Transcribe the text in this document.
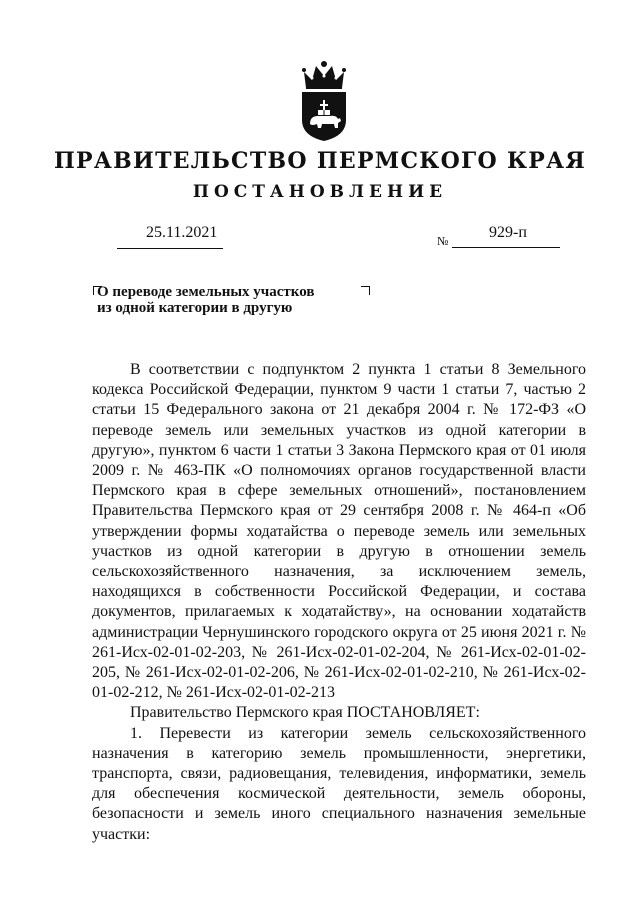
ПРАВИТЕЛЬСТВО ПЕРМСКОГО КРАЯ
ПОСТАНОВЛЕНИЕ
25.11.2021	№	929-п
О переводе земельных участков
из одной категории в другую

В соответствии с подпунктом 2 пункта 1 статьи 8 Земельного кодекса Российской Федерации, пунктом 9 части 1 статьи 7, частью 2 статьи 15 Федерального закона от 21 декабря 2004 г. № 172-ФЗ «О переводе земель или земельных участков из одной категории в другую», пунктом 6 части 1 статьи 3 Закона Пермского края от 01 июля 2009 г. № 463-ПК «О полномочиях органов государственной власти Пермского края в сфере земельных отношений», постановлением Правительства Пермского края от 29 сентября 2008 г. № 464-п «Об утверждении формы ходатайства о переводе земель или земельных участков из одной категории в другую в отношении земель сельскохозяйственного назначения, за исключением земель, находящихся в собственности Российской Федерации, и состава документов, прилагаемых к ходатайству», на основании ходатайств администрации Чернушинского городского округа от 25 июня 2021 г. № 261-Исх-02-01-02-203, № 261-Исх-02-01-02-204, № 261-Исх-02-01-02-205, № 261-Исх-02-01-02-206, № 261-Исх-02-01-02-210, № 261-Исх-02-01-02-212, № 261-Исх-02-01-02-213

Правительство Пермского края ПОСТАНОВЛЯЕТ:

1. Перевести из категории земель сельскохозяйственного назначения в категорию земель промышленности, энергетики, транспорта, связи, радиовещания, телевидения, информатики, земель для обеспечения космической деятельности, земель обороны, безопасности и земель иного специального назначения земельные участки:
